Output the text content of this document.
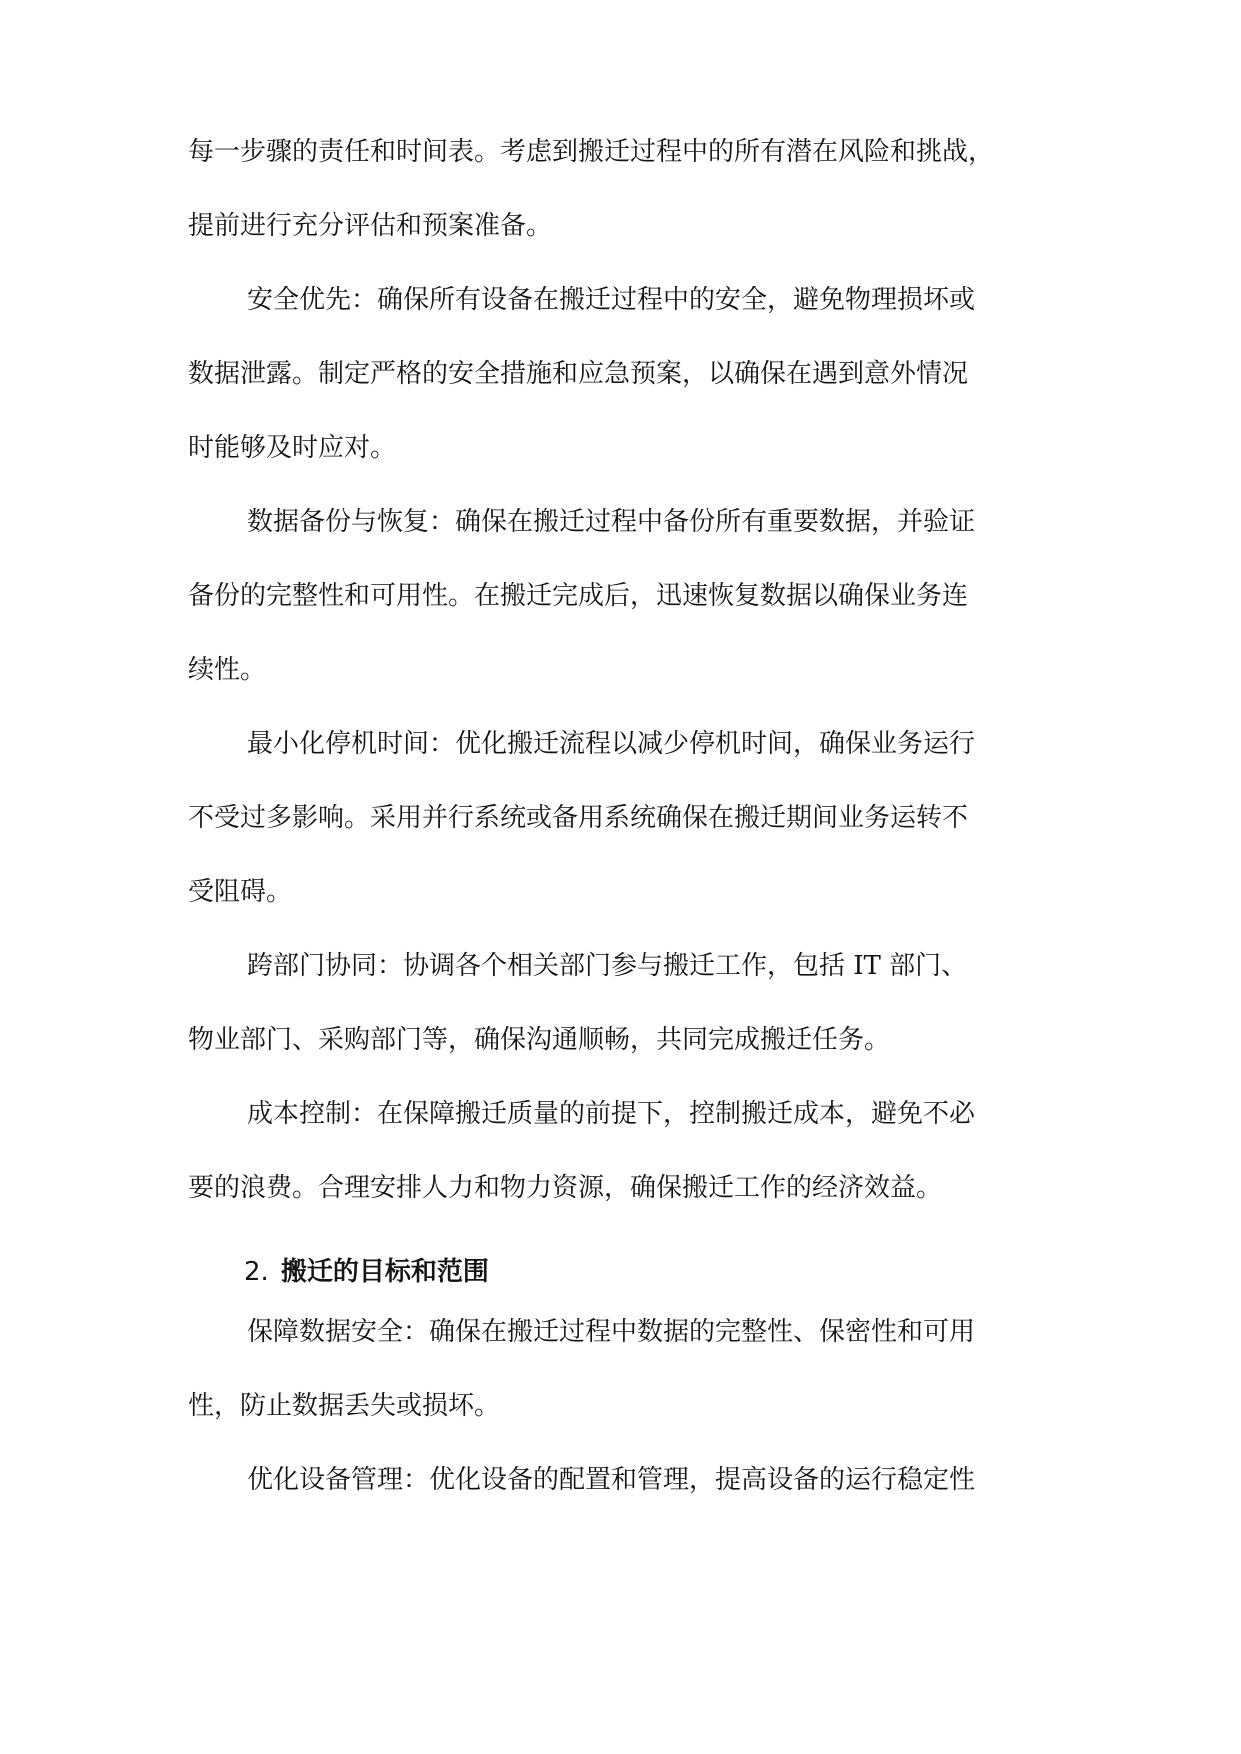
每一步骤的责任和时间表。考虑到搬迁过程中的所有潜在风险和挑战，
提前进行充分评估和预案准备。
安全优先：确保所有设备在搬迁过程中的安全，避免物理损坏或
数据泄露。制定严格的安全措施和应急预案，以确保在遇到意外情况
时能够及时应对。
数据备份与恢复：确保在搬迁过程中备份所有重要数据，并验证
备份的完整性和可用性。在搬迁完成后，迅速恢复数据以确保业务连
续性。
最小化停机时间：优化搬迁流程以减少停机时间，确保业务运行
不受过多影响。采用并行系统或备用系统确保在搬迁期间业务运转不
受阻碍。
跨部门协同：协调各个相关部门参与搬迁工作，包括 IT 部门、
物业部门、采购部门等，确保沟通顺畅，共同完成搬迁任务。
成本控制：在保障搬迁质量的前提下，控制搬迁成本，避免不必
要的浪费。合理安排人力和物力资源，确保搬迁工作的经济效益。
2. 搬迁的目标和范围
保障数据安全：确保在搬迁过程中数据的完整性、保密性和可用
性，防止数据丢失或损坏。
优化设备管理：优化设备的配置和管理，提高设备的运行稳定性
